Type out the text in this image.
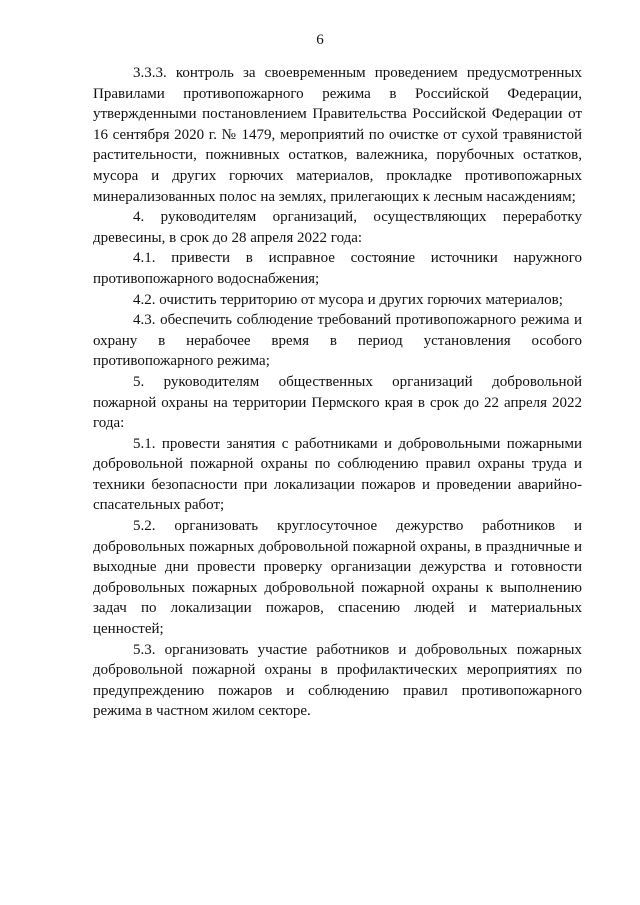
6

3.3.3. контроль за своевременным проведением предусмотренных Правилами противопожарного режима в Российской Федерации, утвержденными постановлением Правительства Российской Федерации от 16 сентября 2020 г. № 1479, мероприятий по очистке от сухой травянистой растительности, пожнивных остатков, валежника, порубочных остатков, мусора и других горючих материалов, прокладке противопожарных минерализованных полос на землях, прилегающих к лесным насаждениям;

4. руководителям организаций, осуществляющих переработку древесины, в срок до 28 апреля 2022 года:

4.1. привести в исправное состояние источники наружного противопожарного водоснабжения;

4.2. очистить территорию от мусора и других горючих материалов;

4.3. обеспечить соблюдение требований противопожарного режима и охрану в нерабочее время в период установления особого противопожарного режима;

5. руководителям общественных организаций добровольной пожарной охраны на территории Пермского края в срок до 22 апреля 2022 года:

5.1. провести занятия с работниками и добровольными пожарными добровольной пожарной охраны по соблюдению правил охраны труда и техники безопасности при локализации пожаров и проведении аварийно-спасательных работ;

5.2. организовать круглосуточное дежурство работников и добровольных пожарных добровольной пожарной охраны, в праздничные и выходные дни провести проверку организации дежурства и готовности добровольных пожарных добровольной пожарной охраны к выполнению задач по локализации пожаров, спасению людей и материальных ценностей;

5.3. организовать участие работников и добровольных пожарных добровольной пожарной охраны в профилактических мероприятиях по предупреждению пожаров и соблюдению правил противопожарного режима в частном жилом секторе.
